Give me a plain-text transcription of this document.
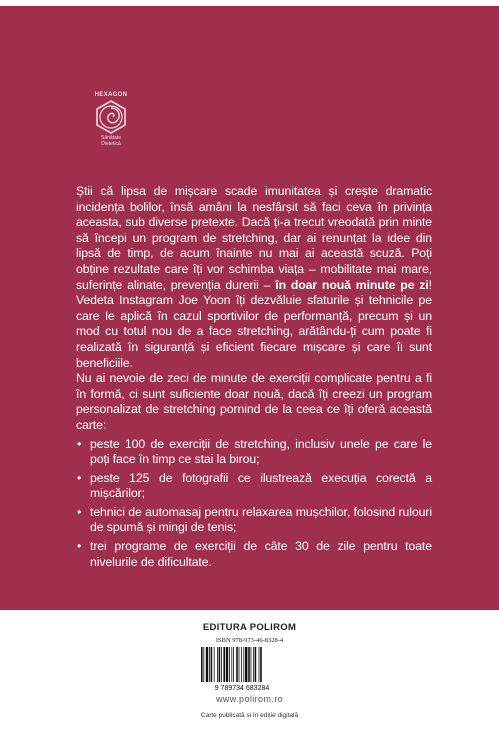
HEXAGON
Sănătate
Dietetică

Știi că lipsa de mișcare scade imunitatea și crește dramatic incidența bolilor, însă amâni la nesfârșit să faci ceva în privința aceasta, sub diverse pretexte. Dacă ți-a trecut vreodată prin minte să începi un program de stretching, dar ai renunțat la idee din lipsă de timp, de acum înainte nu mai ai această scuză. Poți obține rezultate care îți vor schimba viața – mobilitate mai mare, suferințe alinate, prevenția durerii – în doar nouă minute pe zi! Vedeta Instagram Joe Yoon îți dezvăluie sfaturile și tehnicile pe care le aplică în cazul sportivilor de performanță, precum și un mod cu totul nou de a face stretching, arătându-ți cum poate fi realizată în siguranță și eficient fiecare mișcare și care îi sunt beneficiile.

Nu ai nevoie de zeci de minute de exerciții complicate pentru a fi în formă, ci sunt suficiente doar nouă, dacă îți creezi un program personalizat de stretching pornind de la ceea ce îți oferă această carte:

• peste 100 de exerciții de stretching, inclusiv unele pe care le poți face în timp ce stai la birou;
• peste 125 de fotografii ce ilustrează execuția corectă a mișcărilor;
• tehnici de automasaj pentru relaxarea mușchilor, folosind rulouri de spumă și mingi de tenis;
• trei programe de exerciții de câte 30 de zile pentru toate nivelurile de dificultate.
EDITURA POLIROM
ISBN 978-973-46-8328-4
9 789734 683284
www.polirom.ro
Carte publicată și în ediție digitală
